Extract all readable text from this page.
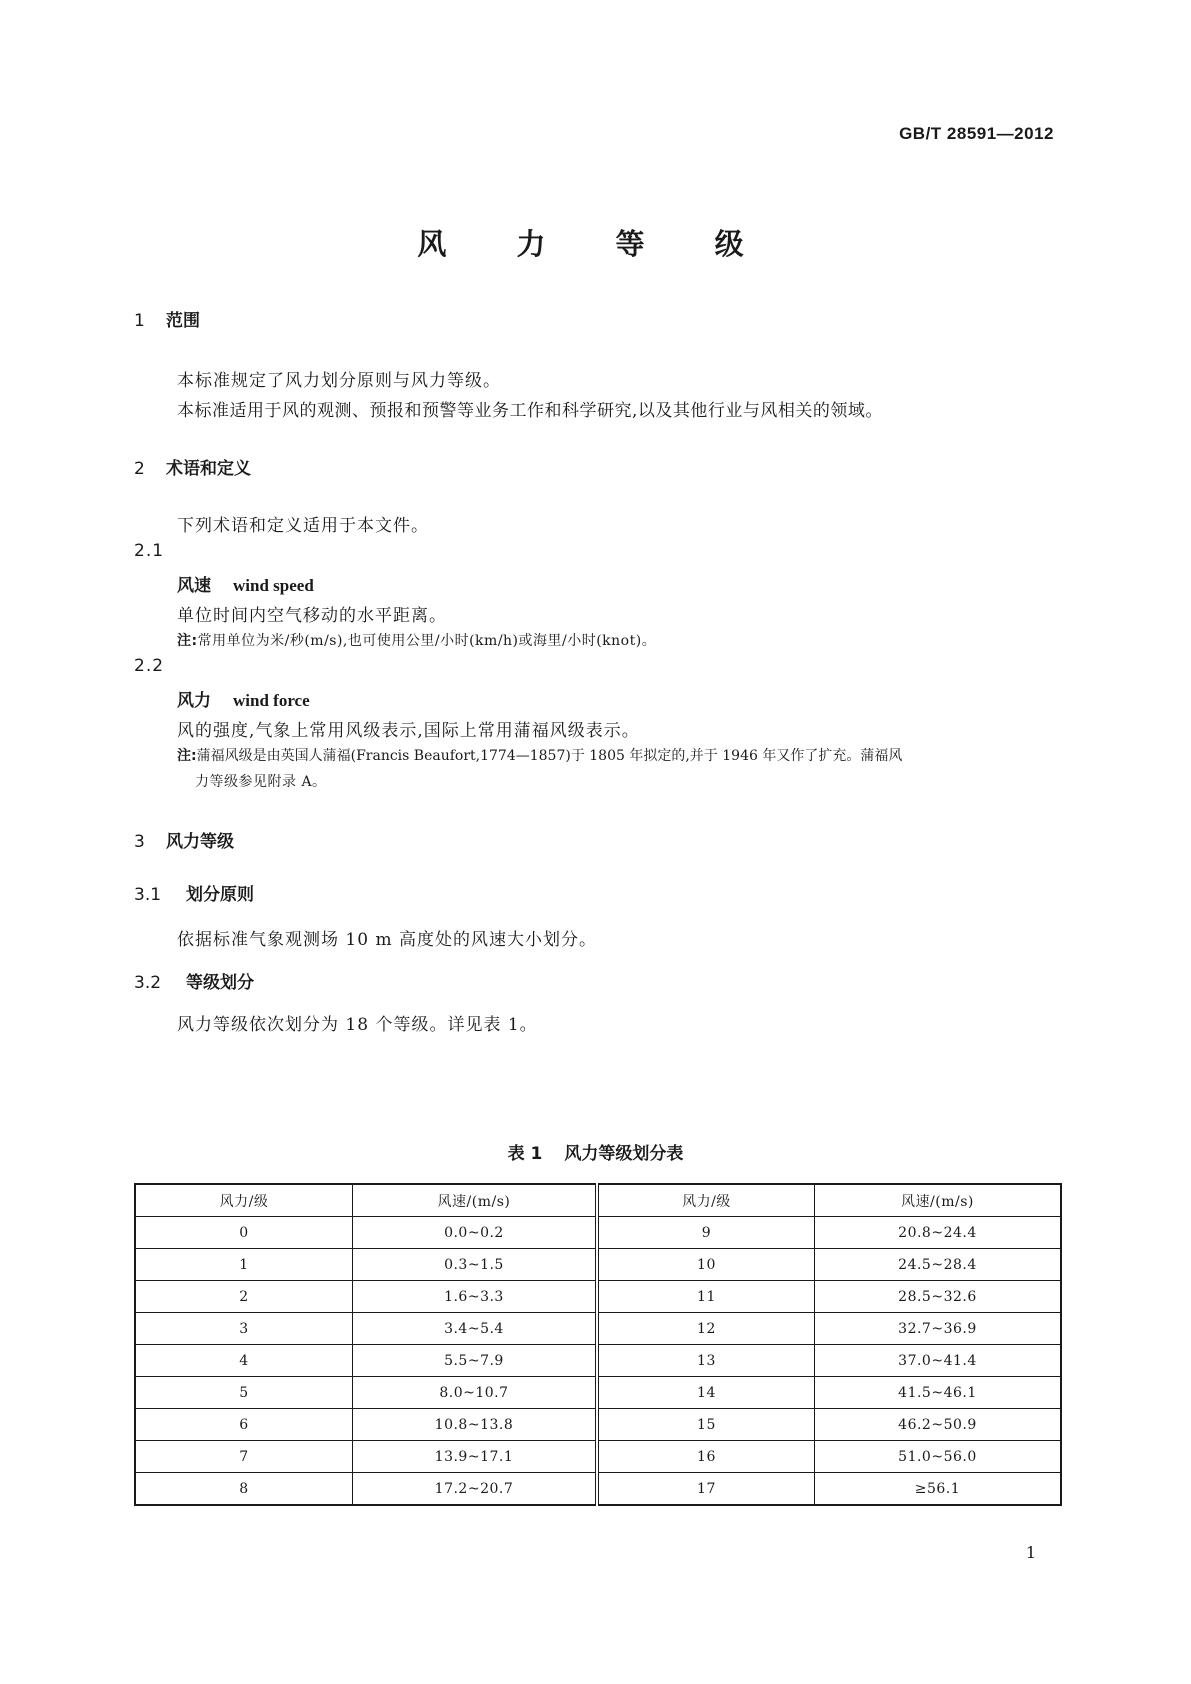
GB/T 28591—2012
风 力 等 级
1 范围
本标准规定了风力划分原则与风力等级。
本标准适用于风的观测、预报和预警等业务工作和科学研究,以及其他行业与风相关的领域。
2 术语和定义
下列术语和定义适用于本文件。
2.1
风速 wind speed
单位时间内空气移动的水平距离。
注:常用单位为米/秒(m/s),也可使用公里/小时(km/h)或海里/小时(knot)。
2.2
风力 wind force
风的强度,气象上常用风级表示,国际上常用蒲福风级表示。
注:蒲福风级是由英国人蒲福(Francis Beaufort,1774—1857)于 1805 年拟定的,并于 1946 年又作了扩充。蒲福风
力等级参见附录 A。
3 风力等级
3.1 划分原则
依据标准气象观测场 10 m 高度处的风速大小划分。
3.2 等级划分
风力等级依次划分为 18 个等级。详见表 1。
表 1 风力等级划分表
风力/级	风速/(m/s)	风力/级	风速/(m/s)
0	0.0~0.2	9	20.8~24.4
1	0.3~1.5	10	24.5~28.4
2	1.6~3.3	11	28.5~32.6
3	3.4~5.4	12	32.7~36.9
4	5.5~7.9	13	37.0~41.4
5	8.0~10.7	14	41.5~46.1
6	10.8~13.8	15	46.2~50.9
7	13.9~17.1	16	51.0~56.0
8	17.2~20.7	17	≥56.1
1
